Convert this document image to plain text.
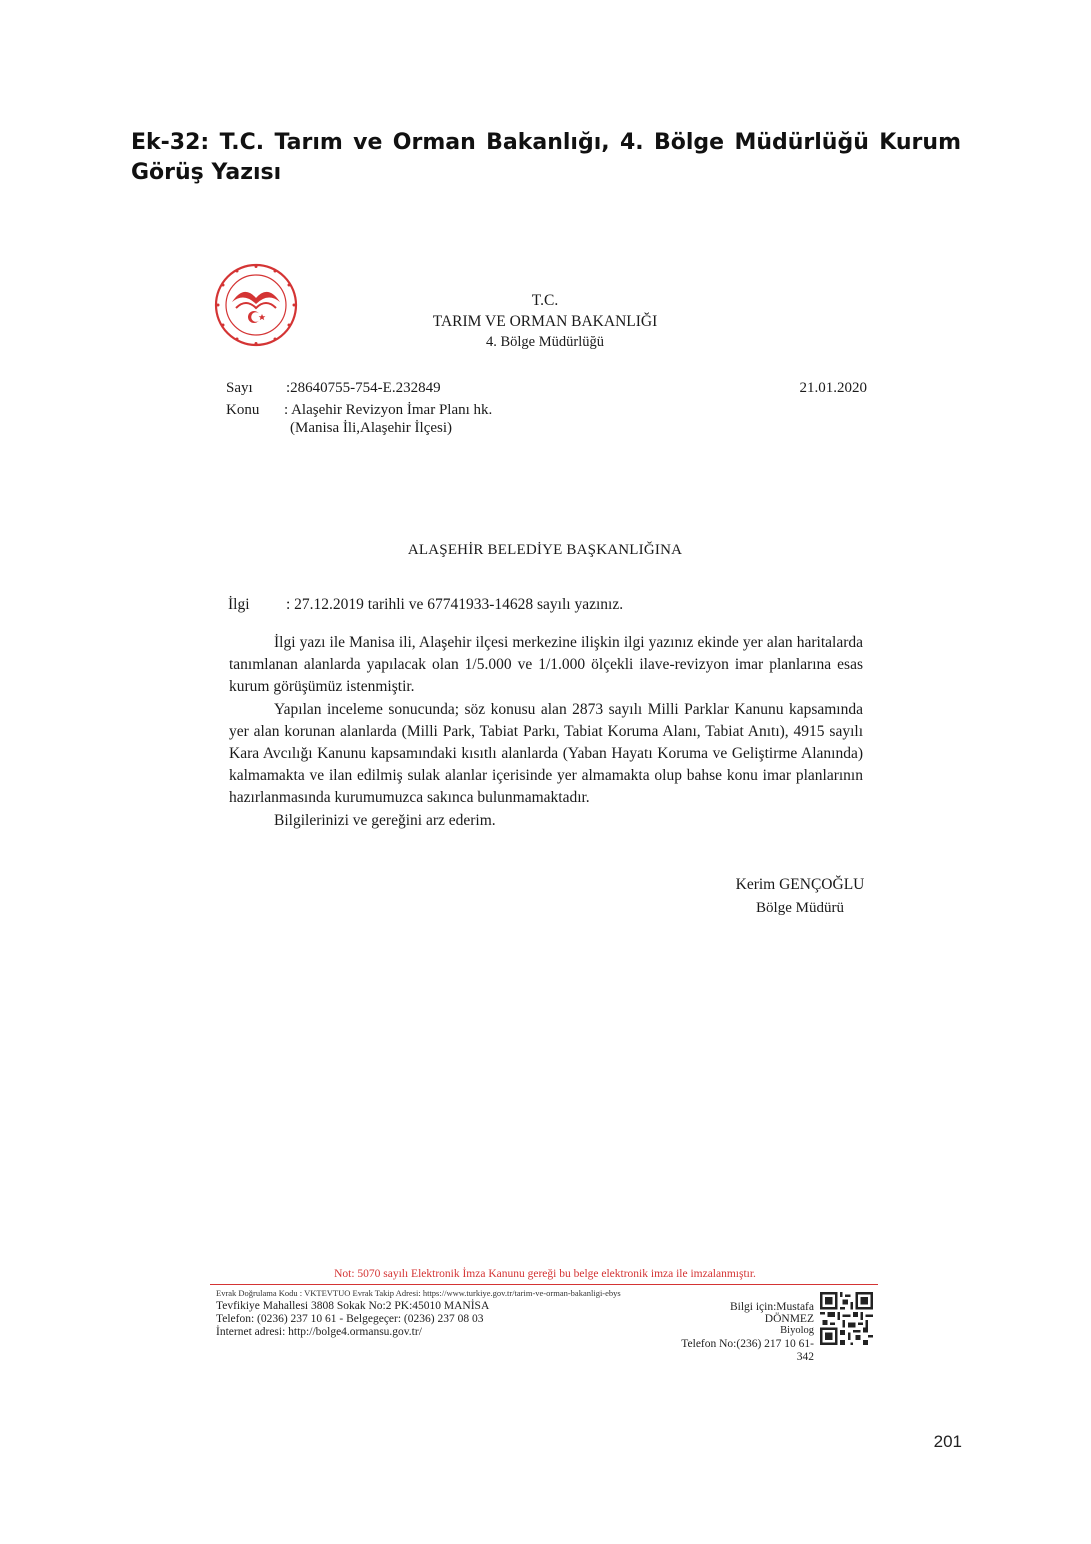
Ek-32: T.C. Tarım ve Orman Bakanlığı, 4. Bölge Müdürlüğü Kurum Görüş Yazısı
T.C.
TARIM VE ORMAN BAKANLIĞI
4. Bölge Müdürlüğü
Sayı :28640755-754-E.232849	21.01.2020
Konu : Alaşehir Revizyon İmar Planı hk.
(Manisa İli,Alaşehir İlçesi)
ALAŞEHİR BELEDİYE BAŞKANLIĞINA
İlgi : 27.12.2019 tarihli ve 67741933-14628 sayılı yazınız.

İlgi yazı ile Manisa ili, Alaşehir ilçesi merkezine ilişkin ilgi yazınız ekinde yer alan haritalarda tanımlanan alanlarda yapılacak olan 1/5.000 ve 1/1.000 ölçekli ilave-revizyon imar planlarına esas kurum görüşümüz istenmiştir.

Yapılan inceleme sonucunda; söz konusu alan 2873 sayılı Milli Parklar Kanunu kapsamında yer alan korunan alanlarda (Milli Park, Tabiat Parkı, Tabiat Koruma Alanı, Tabiat Anıtı), 4915 sayılı Kara Avcılığı Kanunu kapsamındaki kısıtlı alanlarda (Yaban Hayatı Koruma ve Geliştirme Alanında) kalmamakta ve ilan edilmiş sulak alanlar içerisinde yer almamakta olup bahse konu imar planlarının hazırlanmasında kurumumuzca sakınca bulunmamaktadır.

Bilgilerinizi ve gereğini arz ederim.

Kerim GENÇOĞLU
Bölge Müdürü
Not: 5070 sayılı Elektronik İmza Kanunu gereği bu belge elektronik imza ile imzalanmıştır.
Evrak Doğrulama Kodu : VKTEVTUO Evrak Takip Adresi: https://www.turkiye.gov.tr/tarim-ve-orman-bakanligi-ebys
Tevfikiye Mahallesi 3808 Sokak No:2 PK:45010 MANİSA
Telefon: (0236) 237 10 61 - Belgegeçer: (0236) 237 08 03
İnternet adresi: http://bolge4.ormansu.gov.tr/
Bilgi için:Mustafa
DÖNMEZ
Biyolog
Telefon No:(236) 217 10 61-
342
201
